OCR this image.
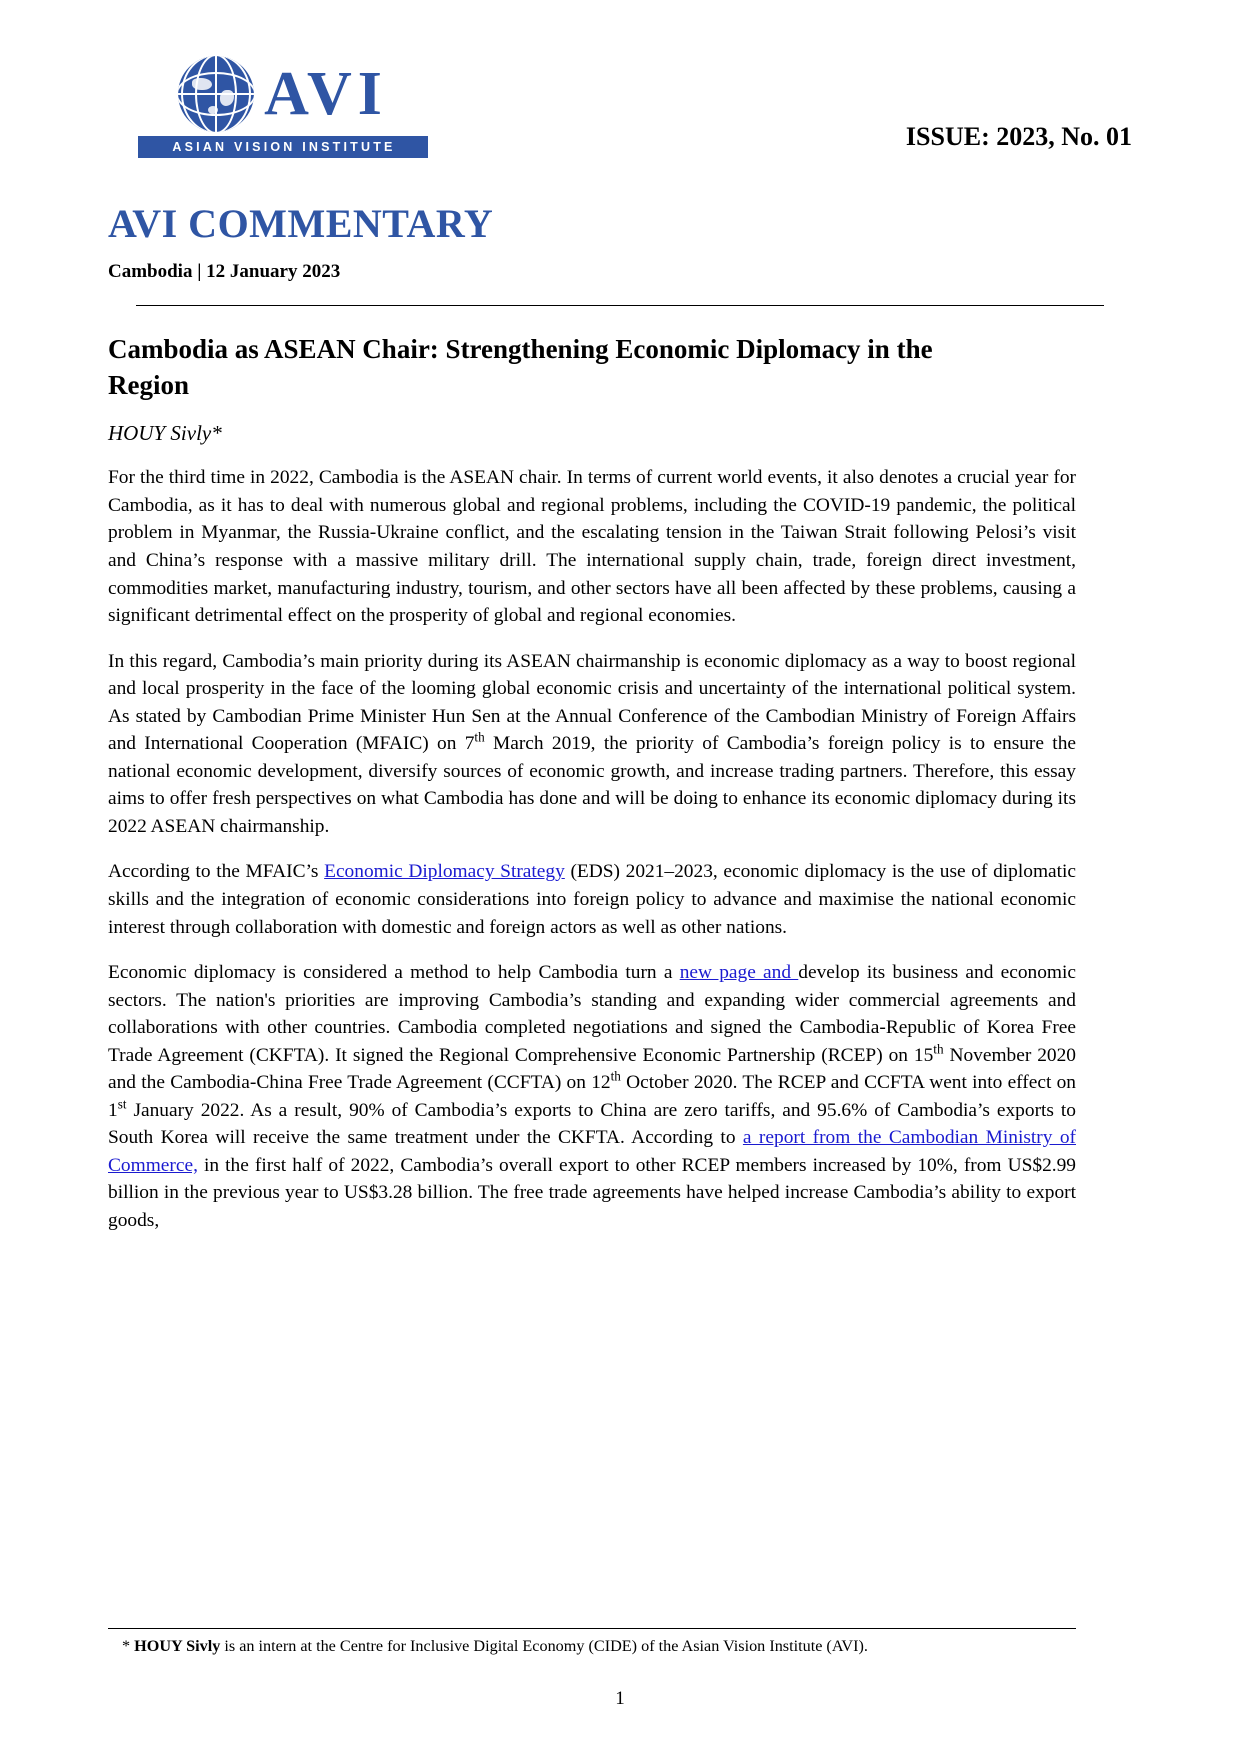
AVI
ASIAN VISION INSTITUTE	ISSUE: 2023, No. 01
AVI COMMENTARY
Cambodia | 12 January 2023
Cambodia as ASEAN Chair: Strengthening Economic Diplomacy in the Region
HOUY Sivly*

For the third time in 2022, Cambodia is the ASEAN chair. In terms of current world events, it also denotes a crucial year for Cambodia, as it has to deal with numerous global and regional problems, including the COVID-19 pandemic, the political problem in Myanmar, the Russia-Ukraine conflict, and the escalating tension in the Taiwan Strait following Pelosi’s visit and China’s response with a massive military drill. The international supply chain, trade, foreign direct investment, commodities market, manufacturing industry, tourism, and other sectors have all been affected by these problems, causing a significant detrimental effect on the prosperity of global and regional economies.

In this regard, Cambodia’s main priority during its ASEAN chairmanship is economic diplomacy as a way to boost regional and local prosperity in the face of the looming global economic crisis and uncertainty of the international political system. As stated by Cambodian Prime Minister Hun Sen at the Annual Conference of the Cambodian Ministry of Foreign Affairs and International Cooperation (MFAIC) on 7th March 2019, the priority of Cambodia’s foreign policy is to ensure the national economic development, diversify sources of economic growth, and increase trading partners. Therefore, this essay aims to offer fresh perspectives on what Cambodia has done and will be doing to enhance its economic diplomacy during its 2022 ASEAN chairmanship.

According to the MFAIC’s Economic Diplomacy Strategy (EDS) 2021–2023, economic diplomacy is the use of diplomatic skills and the integration of economic considerations into foreign policy to advance and maximise the national economic interest through collaboration with domestic and foreign actors as well as other nations.

Economic diplomacy is considered a method to help Cambodia turn a new page and develop its business and economic sectors. The nation's priorities are improving Cambodia’s standing and expanding wider commercial agreements and collaborations with other countries. Cambodia completed negotiations and signed the Cambodia-Republic of Korea Free Trade Agreement (CKFTA). It signed the Regional Comprehensive Economic Partnership (RCEP) on 15th November 2020 and the Cambodia-China Free Trade Agreement (CCFTA) on 12th October 2020. The RCEP and CCFTA went into effect on 1st January 2022. As a result, 90% of Cambodia’s exports to China are zero tariffs, and 95.6% of Cambodia’s exports to South Korea will receive the same treatment under the CKFTA. According to a report from the Cambodian Ministry of Commerce, in the first half of 2022, Cambodia’s overall export to other RCEP members increased by 10%, from US$2.99 billion in the previous year to US$3.28 billion. The free trade agreements have helped increase Cambodia’s ability to export goods,

* HOUY Sivly is an intern at the Centre for Inclusive Digital Economy (CIDE) of the Asian Vision Institute (AVI).
1
